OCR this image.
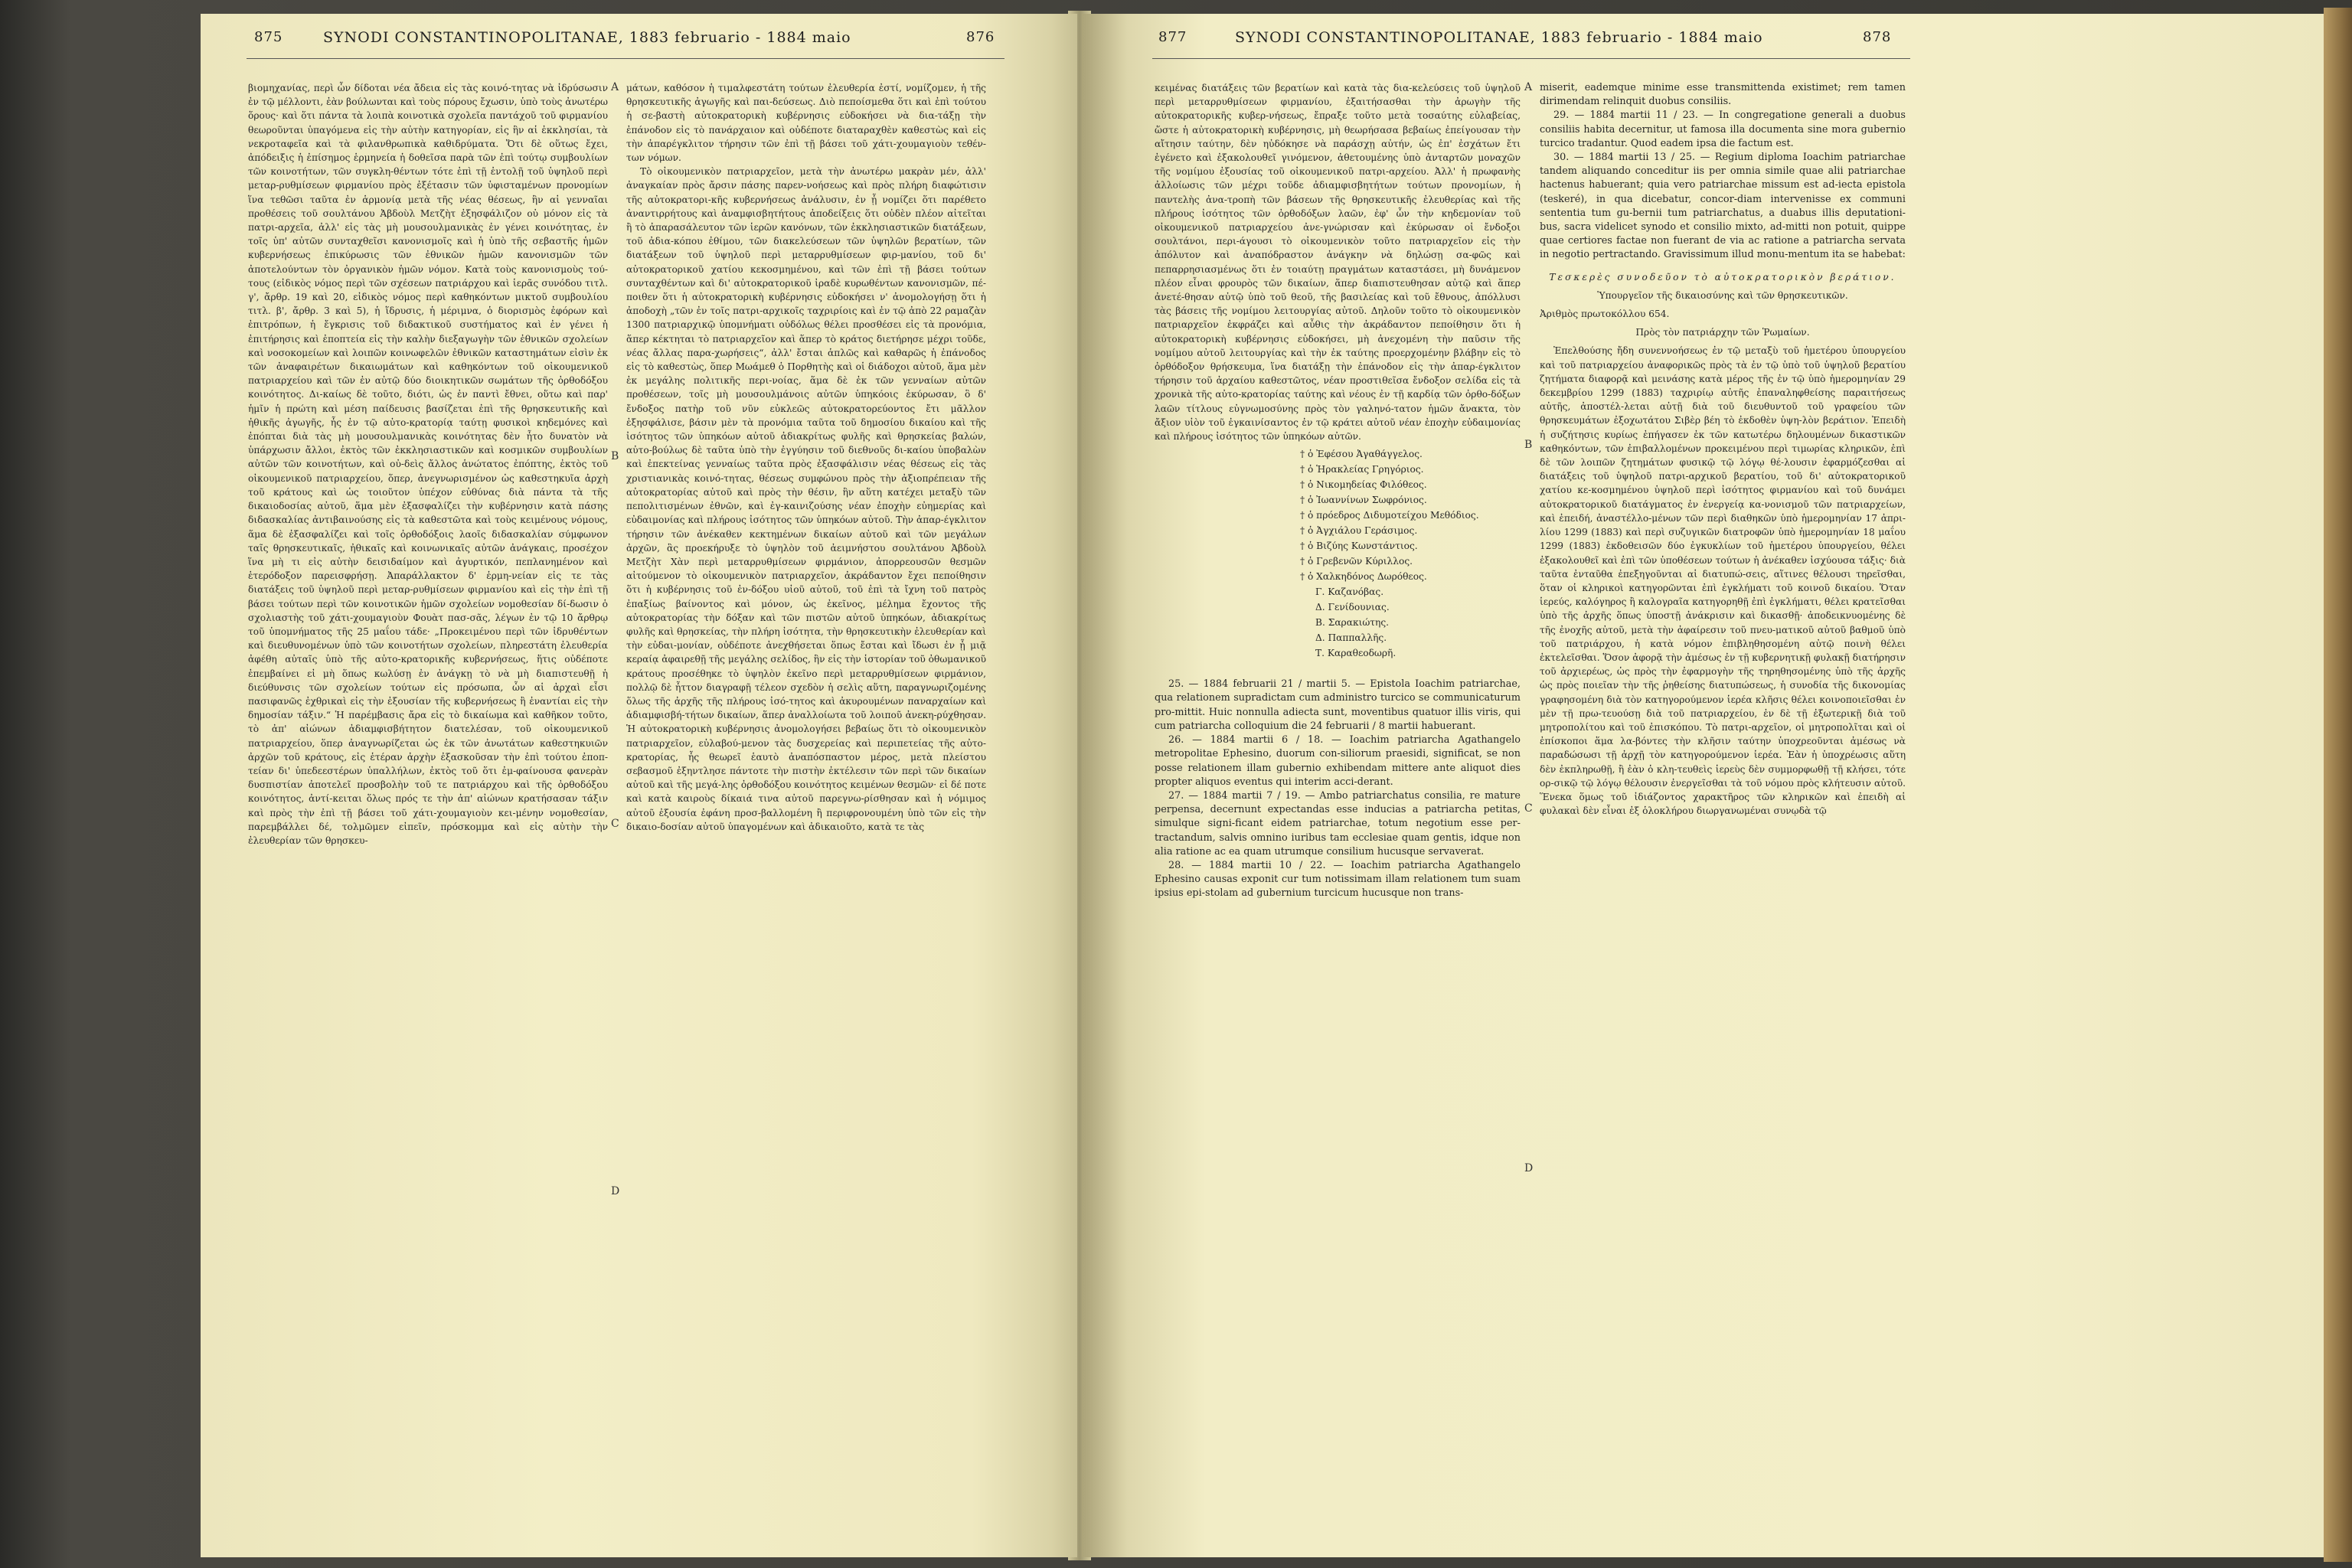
875	SYNODI CONSTANTINOPOLITANAE, 1883 februario - 1884 maio	876

βιομηχανίας, περὶ ὧν δίδοται νέα ἄδεια εἰς τὰς κοινό-τητας νὰ ἱδρύσωσιν ἐν τῷ μέλλοντι, ἐὰν βούλωνται καὶ τοὺς πόρους ἔχωσιν, ὑπὸ τοὺς ἀνωτέρω ὅρους· καὶ ὅτι πάντα τὰ λοιπὰ κοινοτικὰ σχολεῖα παντάχοῦ τοῦ φιρμανίου θεωροῦνται ὑπαγόμενα εἰς τὴν αὐτὴν κατηγορίαν, εἰς ἣν αἱ ἐκκλησίαι, τὰ νεκροταφεῖα καὶ τὰ φιλανθρωπικὰ καθιδρύματα. Ὅτι δὲ οὕτως ἔχει, ἀπόδειξις ἡ ἐπίσημος ἑρμηνεία ἡ δοθεῖσα παρὰ τῶν ἐπὶ τούτῳ συμβουλίων τῶν κοινοτήτων, τῶν συγκλη-θέντων τότε ἐπὶ τῇ ἐντολῇ τοῦ ὑψηλοῦ περὶ μεταρ-ρυθμίσεων φιρμανίου πρὸς ἐξέτασιν τῶν ὑφισταμένων προνομίων ἵνα τεθῶσι ταῦτα ἐν ἁρμονίᾳ μετὰ τῆς νέας θέσεως, ἣν αἱ γενναῖαι προθέσεις τοῦ σουλτάνου Ἀβδοὺλ Μετζὴτ ἐξησφάλιζον οὐ μόνον εἰς τὰ πατρι-αρχεῖα, ἀλλ' εἰς τὰς μὴ μουσουλμανικὰς ἐν γένει κοινότητας, ἐν τοῖς ὑπ' αὐτῶν συνταχθεῖσι κανονισμοῖς καὶ ἡ ὑπὸ τῆς σεβαστῆς ἡμῶν κυβερνήσεως ἐπικύρωσις τῶν ἐθνικῶν ἡμῶν κανονισμῶν τῶν ἀποτελούντων τὸν ὀργανικὸν ἡμῶν νόμον. Κατὰ τοὺς κανονισμοὺς τού-τους (εἰδικὸς νόμος περὶ τῶν σχέσεων πατριάρχου καὶ ἱερᾶς συνόδου τιτλ. γ', ἄρθρ. 19 καὶ 20, εἰδικὸς νόμος περὶ καθηκόντων μικτοῦ συμβουλίου τιτλ. β', ἄρθρ. 3 καὶ 5), ἡ ἵδρυσις, ἡ μέριμνα, ὁ διορισμὸς ἐφόρων καὶ ἐπιτρόπων, ἡ ἔγκρισις τοῦ διδακτικοῦ συστήματος καὶ ἐν γένει ἡ ἐπιτήρησις καὶ ἐποπτεία εἰς τὴν καλὴν διεξαγωγὴν τῶν ἐθνικῶν σχολείων καὶ νοσοκομείων καὶ λοιπῶν κοινωφελῶν ἐθνικῶν καταστημάτων εἰσὶν ἐκ τῶν ἀναφαιρέτων δικαιωμάτων καὶ καθηκόντων τοῦ οἰκουμενικοῦ πατριαρχείου καὶ τῶν ἐν αὐτῷ δύο διοικητικῶν σωμάτων τῆς ὀρθοδόξου κοινότητος. Δι-καίως δὲ τοῦτο, διότι, ὡς ἐν παντὶ ἔθνει, οὕτω καὶ παρ' ἡμῖν ἡ πρώτη καὶ μέση παίδευσις βασίζεται ἐπὶ τῆς θρησκευτικῆς καὶ ἠθικῆς ἀγωγῆς, ἧς ἐν τῷ αὐτο-κρατορίᾳ ταύτῃ φυσικοὶ κηδεμόνες καὶ ἐπόπται διὰ τὰς μὴ μουσουλμανικὰς κοινότητας δὲν ἦτο δυνατὸν νὰ ὑπάρχωσιν ἄλλοι, ἐκτὸς τῶν ἐκκλησιαστικῶν καὶ κοσμικῶν συμβουλίων αὐτῶν τῶν κοινοτήτων, καὶ οὐ-δεὶς ἄλλος ἁνώτατος ἐπόπτης, ἐκτὸς τοῦ οἰκουμενικοῦ πατριαρχείου, ὅπερ, ἀνεγνωρισμένον ὡς καθεστηκυῖα ἀρχὴ τοῦ κράτους καὶ ὡς τοιοῦτον ὑπέχον εὐθύνας διὰ πάντα τὰ τῆς δικαιοδοσίας αὐτοῦ, ἅμα μὲν ἐξασφαλίζει τὴν κυβέρνησιν κατὰ πάσης διδασκαλίας ἀντιβαινούσης εἰς τὰ καθεστῶτα καὶ τοὺς κειμένους νόμους, ἅμα δὲ ἐξασφαλίζει καὶ τοῖς ὀρθοδόξοις λαοῖς διδασκαλίαν σύμφωνον ταῖς θρησκευτικαῖς, ἠθικαῖς καὶ κοινωνικαῖς αὐτῶν ἀνάγκαις, προσέχον ἵνα μὴ τι εἰς αὐτὴν δεισιδαίμον καὶ ἀγυρτικόν, πεπλανημένον καὶ ἑτερόδοξον παρεισφρήσῃ. Ἀπαράλλακτον δ' ἑρμη-νείαν εἰς τε τὰς διατάξεις τοῦ ὑψηλοῦ περὶ μεταρ-ρυθμίσεων φιρμανίου καὶ εἰς τὴν ἐπὶ τῇ βάσει τούτων περὶ τῶν κοινοτικῶν ἡμῶν σχολείων νομοθεσίαν δί-δωσιν ὁ σχολιαστὴς τοῦ χάτι-χουμαγιοὺν Φουὰτ πασ-σᾶς, λέγων ἐν τῷ 10 ἄρθρῳ τοῦ ὑπομνήματος τῆς 25 μαΐου τάδε· „Προκειμένου περὶ τῶν ἱδρυθέντων καὶ διευθυνομένων ὑπὸ τῶν κοινοτήτων σχολείων, πληρεστάτη ἐλευθερία ἀφέθη αὐταῖς ὑπὸ τῆς αὐτο-κρατορικῆς κυβερνήσεως, ἥτις οὐδέποτε ἐπεμβαίνει εἰ μὴ ὅπως κωλύσῃ ἐν ἀνάγκῃ τὸ νὰ μὴ διαπιστευθῇ ἡ διεύθυνσις τῶν σχολείων τούτων εἰς πρόσωπα, ὧν αἱ ἀρχαὶ εἶσι πασιφανῶς ἐχθρικαὶ εἰς τὴν ἐξουσίαν τῆς κυβερνήσεως ἢ ἐναντίαι εἰς τὴν δημοσίαν τάξιν.“ Ἡ παρέμβασις ἄρα εἰς τὸ δικαίωμα καὶ καθῆκον τοῦτο, τὸ ἀπ' αἰώνων ἀδιαμφισβήτητον διατελέσαν, τοῦ οἰκουμενικοῦ πατριαρχείου, ὅπερ ἀναγνωρίζεται ὡς ἐκ τῶν ἀνωτάτων καθεστηκυιῶν ἀρχῶν τοῦ κράτους, εἰς ἑτέραν ἀρχὴν ἐξασκοῦσαν τὴν ἐπὶ τούτου ἐποπ-τείαν δι' ὑπεδεεστέρων ὑπαλλήλων, ἐκτὸς τοῦ ὅτι ἐμ-φαίνουσα φανερὰν δυσπιστίαν ἀποτελεῖ προσβολὴν τοῦ τε πατριάρχου καὶ τῆς ὀρθοδόξου κοινότητος, ἀντί-κειται ὅλως πρός τε τὴν ἀπ' αἰώνων κρατήσασαν τάξιν καὶ πρὸς τὴν ἐπὶ τῇ βάσει τοῦ χάτι-χουμαγιοὺν κει-μένην νομοθεσίαν, παρεμβάλλει δέ, τολμῶμεν εἰπεῖν, πρόσκομμα καὶ εἰς αὐτὴν τὴν ἐλευθερίαν τῶν θρησκευ-

A
B
C
D

μάτων, καθόσον ἡ τιμαλφεστάτη τούτων ἐλευθερία ἐστί, νομίζομεν, ἡ τῆς θρησκευτικῆς ἀγωγῆς καὶ παι-δεύσεως. Διὸ πεποίσμεθα ὅτι καὶ ἐπὶ τούτου ἡ σε-βαστὴ αὐτοκρατορικὴ κυβέρνησις εὐδοκήσει νὰ δια-τάξῃ τὴν ἐπάνοδον εἰς τὸ πανάρχαιον καὶ οὐδέποτε διαταραχθὲν καθεστὼς καὶ εἰς τὴν ἀπαρέγκλιτον τήρησιν τῶν ἐπὶ τῇ βάσει τοῦ χάτι-χουμαγιοὺν τεθέν-των νόμων.

Τὸ οἰκουμενικὸν πατριαρχεῖον, μετὰ τὴν ἀνωτέρω μακρὰν μέν, ἀλλ' ἀναγκαίαν πρὸς ἄρσιν πάσης παρεν-νοήσεως καὶ πρὸς πλήρη διαφώτισιν τῆς αὐτοκρατορι-κῆς κυβερνήσεως ἀνάλυσιν, ἐν ᾗ νομίζει ὅτι παρέθετο ἀναντιρρήτους καὶ ἀναμφισβητήτους ἀποδείξεις ὅτι οὐδὲν πλέον αἰτεῖται ἢ τὸ ἀπαρασάλευτον τῶν ἱερῶν κανόνων, τῶν ἐκκλησιαστικῶν διατάξεων, τοῦ ἀδια-κόπου ἐθίμου, τῶν διακελεύσεων τῶν ὑψηλῶν βερατίων, τῶν διατάξεων τοῦ ὑψηλοῦ περὶ μεταρρυθμίσεων φιρ-μανίου, τοῦ δι' αὐτοκρατορικοῦ χατίου κεκοσμημένου, καὶ τῶν ἐπὶ τῇ βάσει τούτων συνταχθέντων καὶ δι' αὐτοκρατορικοῦ ἰραδὲ κυρωθέντων κανονισμῶν, πέ-ποιθεν ὅτι ἡ αὐτοκρατορικὴ κυβέρνησις εὐδοκήσει ν' ἀνομολογήσῃ ὅτι ἡ ἀποδοχὴ „τῶν ἐν τοῖς πατρι-αρχικοῖς ταχριρίοις καὶ ἐν τῷ ἀπὸ 22 ραμαζὰν 1300 πατριαρχικῷ ὑπομνήματι οὐδόλως θέλει προσθέσει εἰς τὰ προνόμια, ἅπερ κέκτηται τὸ πατριαρχεῖον καὶ ἅπερ τὸ κράτος διετήρησε μέχρι τοῦδε, νέας ἄλλας παρα-χωρήσεις“, ἀλλ' ἔσται ἁπλῶς καὶ καθαρῶς ἡ ἐπάνοδος εἰς τὸ καθεστὼς, ὅπερ Μωάμεθ ὁ Πορθητὴς καὶ οἱ διάδοχοι αὐτοῦ, ἅμα μὲν ἐκ μεγάλης πολιτικῆς περι-νοίας, ἅμα δὲ ἐκ τῶν γενναίων αὐτῶν προθέσεων, τοῖς μὴ μουσουλμάνοις αὐτῶν ὑπηκόοις ἐκύρωσαν, ὃ δ' ἔνδοξος πατὴρ τοῦ νῦν εὐκλεῶς αὐτοκρατορεύοντος ἔτι μᾶλλον ἐξησφάλισε, βάσιν μὲν τὰ προνόμια ταῦτα τοῦ δημοσίου δικαίου καὶ τῆς ἰσότητος τῶν ὑπηκόων αὐτοῦ ἀδιακρίτως φυλῆς καὶ θρησκείας βαλών, αὐτο-βούλως δὲ ταῦτα ὑπὸ τὴν ἐγγύησιν τοῦ διεθνοῦς δι-καίου ὑποβαλὼν καὶ ἐπεκτείνας γενναίως ταῦτα πρὸς ἐξασφάλισιν νέας θέσεως εἰς τὰς χριστιανικὰς κοινό-τητας, θέσεως συμφώνου πρὸς τὴν ἀξιοπρέπειαν τῆς αὐτοκρατορίας αὐτοῦ καὶ πρὸς τὴν θέσιν, ἣν αὕτη κατέχει μεταξὺ τῶν πεπολιτισμένων ἐθνῶν, καὶ ἐγ-καινιζούσης νέαν ἐποχὴν εὐημερίας καὶ εὐδαιμονίας καὶ πλήρους ἰσότητος τῶν ὑπηκόων αὐτοῦ. Τὴν ἀπαρ-έγκλιτον τήρησιν τῶν ἀνέκαθεν κεκτημένων δικαίων αὐτοῦ καὶ τῶν μεγάλων ἀρχῶν, ἃς προεκήρυξε τὸ ὑψηλὸν τοῦ ἀειμνήστου σουλτάνου Ἀβδοὺλ Μετζὴτ Χὰν περὶ μεταρρυθμίσεων φιρμάνιον, ἀπορρεουσῶν θεσμῶν αἰτούμενον τὸ οἰκουμενικὸν πατριαρχεῖον, ἀκράδαντον ἔχει πεποίθησιν ὅτι ἡ κυβέρνησις τοῦ ἐν-δόξου υἱοῦ αὐτοῦ, τοῦ ἐπὶ τὰ ἴχνη τοῦ πατρὸς ἐπαξίως βαίνοντος καὶ μόνον, ὡς ἐκεῖνος, μέλημα ἔχοντος τῆς αὐτοκρατορίας τὴν δόξαν καὶ τῶν πιστῶν αὐτοῦ ὑπηκόων, ἀδιακρίτως φυλῆς καὶ θρησκείας, τὴν πλήρη ἰσότητα, τὴν θρησκευτικὴν ἐλευθερίαν καὶ τὴν εὐδαι-μονίαν, οὐδέποτε ἀνεχθήσεται ὅπως ἔσται καὶ ἴδωσι ἐν ᾗ μιᾷ κεραίᾳ ἀφαιρεθῇ τῆς μεγάλης σελίδος, ἣν εἰς τὴν ἱστορίαν τοῦ ὀθωμανικοῦ κράτους προσέθηκε τὸ ὑψηλὸν ἐκεῖνο περὶ μεταρρυθμίσεων φιρμάνιον, πολλῷ δὲ ἧττον διαγραφῇ τέλεον σχεδὸν ἡ σελὶς αὕτη, παραγνωριζομένης ὅλως τῆς ἀρχῆς τῆς πλήρους ἰσό-τητος καὶ ἀκυρουμένων παναρχαίων καὶ ἀδιαμφισβή-τήτων δικαίων, ἅπερ ἀναλλοίωτα τοῦ λοιποῦ ἀνεκη-ρύχθησαν. Ἡ αὐτοκρατορικὴ κυβέρνησις ἀνομολογήσει βεβαίως ὅτι τὸ οἰκουμενικὸν πατριαρχεῖον, εὐλαβού-μενον τὰς δυσχερείας καὶ περιπετείας τῆς αὐτο-κρατορίας, ἧς θεωρεῖ ἑαυτὸ ἀναπόσπαστον μέρος, μετὰ πλείστου σεβασμοῦ ἐξηντλησε πάντοτε τὴν πιστὴν ἐκτέλεσιν τῶν περὶ τῶν δικαίων αὐτοῦ καὶ τῆς μεγά-λης ὀρθοδόξου κοινότητος κειμένων θεσμῶν· εἰ δέ ποτε καὶ κατὰ καιροὺς δίκαιά τινα αὐτοῦ παρεγνω-ρίσθησαν καὶ ἡ νόμιμος αὐτοῦ ἐξουσία ἐφάνη προσ-βαλλομένη ἢ περιφρονουμένη ὑπὸ τῶν εἰς τὴν δικαιο-δοσίαν αὐτοῦ ὑπαγομένων καὶ ἀδικαιοῦτο, κατὰ τε τὰς

877	SYNODI CONSTANTINOPOLITANAE, 1883 februario - 1884 maio	878

κειμένας διατάξεις τῶν βερατίων καὶ κατὰ τὰς δια-κελεύσεις τοῦ ὑψηλοῦ περὶ μεταρρυθμίσεων φιρμανίου, ἐξαιτήσασθαι τὴν ἀρωγὴν τῆς αὐτοκρατορικῆς κυβερ-νήσεως, ἔπραξε τοῦτο μετὰ τοσαύτης εὐλαβείας, ὥστε ἡ αὐτοκρατορικὴ κυβέρνησις, μὴ θεωρήσασα βεβαίως ἐπείγουσαν τὴν αἴτησιν ταύτην, δὲν ηὐδόκησε νὰ παράσχῃ αὐτήν, ὡς ἐπ' ἐσχάτων ἔτι ἐγένετο καὶ ἐξακολουθεῖ γινόμενον, ἀθετουμένης ὑπὸ ἀνταρτῶν μοναχῶν τῆς νομίμου ἐξουσίας τοῦ οἰκουμενικοῦ πατρι-αρχείου. Ἀλλ' ἡ πρωφανὴς ἀλλοίωσις τῶν μέχρι τοῦδε ἀδιαμφισβητήτων τούτων προνομίων, ἡ παντελὴς ἀνα-τροπὴ τῶν βάσεων τῆς θρησκευτικῆς ἐλευθερίας καὶ τῆς πλήρους ἰσότητος τῶν ὀρθοδόξων λαῶν, ἐφ' ὧν τὴν κηδεμονίαν τοῦ οἰκουμενικοῦ πατριαρχείου ἀνε-γνώρισαν καὶ ἐκύρωσαν οἱ ἔνδοξοι σουλτάνοι, περι-άγουσι τὸ οἰκουμενικὸν τοῦτο πατριαρχεῖον εἰς τὴν ἀπόλυτον καὶ ἀναπόδραστον ἀνάγκην νὰ δηλώσῃ σα-φῶς καὶ πεπαρρησιασμένως ὅτι ἐν τοιαύτῃ πραγμάτων καταστάσει, μὴ δυνάμενον πλέον εἶναι φρουρὸς τῶν δικαίων, ἅπερ διαπιστευθησαν αὐτῷ καὶ ἅπερ ἀνετέ-θησαν αὐτῷ ὑπὸ τοῦ θεοῦ, τῆς βασιλείας καὶ τοῦ ἔθνους, ἀπόλλυσι τὰς βάσεις τῆς νομίμου λειτουργίας αὐτοῦ. Δηλοῦν τοῦτο τὸ οἰκουμενικὸν πατριαρχεῖον ἐκφράζει καὶ αὖθις τὴν ἀκράδαντον πεποίθησιν ὅτι ἡ αὐτοκρατορικὴ κυβέρνησις εὐδοκήσει, μὴ ἀνεχομένη τὴν παῦσιν τῆς νομίμου αὐτοῦ λειτουργίας καὶ τὴν ἐκ ταύτης προερχομένην βλάβην εἰς τὸ ὀρθόδοξον θρήσκευμα, ἵνα διατάξῃ τὴν ἐπάνοδον εἰς τὴν ἀπαρ-έγκλιτον τήρησιν τοῦ ἀρχαίου καθεστῶτος, νέαν προστιθεῖσα ἔνδοξον σελίδα εἰς τὰ χρονικὰ τῆς αὐτο-κρατορίας ταύτης καὶ νέους ἐν τῇ καρδίᾳ τῶν ὀρθο-δόξων λαῶν τίτλους εὐγνωμοσύνης πρὸς τὸν γαληνό-τατον ἡμῶν ἄνακτα, τὸν ἄξιον υἱὸν τοῦ ἐγκαινίσαντος ἐν τῷ κράτει αὐτοῦ νέαν ἐποχὴν εὐδαιμονίας καὶ πλήρους ἰσότητος τῶν ὑπηκόων αὐτῶν.

† ὁ Ἐφέσου Ἀγαθάγγελος.

† ὁ Ἡρακλείας Γρηγόριος.

† ὁ Νικομηδείας Φιλόθεος.

† ὁ Ἰωαννίνων Σωφρόνιος.

† ὁ πρόεδρος Διδυμοτείχου Μεθόδιος.

† ὁ Ἀγχιάλου Γεράσιμος.

† ὁ Βιζύης Κωνστάντιος.

† ὁ Γρεβενῶν Κύριλλος.

† ὁ Χαλκηδόνος Δωρόθεος.

Γ. Καζανόβας.

Δ. Γενίδουνιας.

Β. Σαρακιώτης.

Δ. Παππαλλῆς.

Τ. Καραθεοδωρῆ.

25. — 1884 februarii 21 / martii 5. — Epistola Ioachim patriarchae, qua relationem supradictam cum administro turcico se communicaturum pro-mittit. Huic nonnulla adiecta sunt, moventibus quatuor illis viris, qui cum patriarcha colloquium die 24 februarii / 8 martii habuerant.

26. — 1884 martii 6 / 18. — Ioachim patriarcha Agathangelo metropolitae Ephesino, duorum con-siliorum praesidi, significat, se non posse relationem illam gubernio exhibendam mittere ante aliquot dies propter aliquos eventus qui interim acci-derant.

27. — 1884 martii 7 / 19. — Ambo patriarchatus consilia, re mature perpensa, decernunt expectandas esse inducias a patriarcha petitas, simulque signi-ficant eidem patriarchae, totum negotium esse per-tractandum, salvis omnino iuribus tam ecclesiae quam gentis, idque non alia ratione ac ea quam utrumque consilium hucusque servaverat.

28. — 1884 martii 10 / 22. — Ioachim patriarcha Agathangelo Ephesino causas exponit cur tum notissimam illam relationem tum suam ipsius epi-stolam ad gubernium turcicum hucusque non trans-

A
B
C
D

miserit, eademque minime esse transmittenda existimet; rem tamen dirimendam relinquit duobus consiliis.

29. — 1884 martii 11 / 23. — In congregatione generali a duobus consiliis habita decernitur, ut famosa illa documenta sine mora gubernio turcico tradantur. Quod eadem ipsa die factum est.

30. — 1884 martii 13 / 25. — Regium diploma Ioachim patriarchae tandem aliquando conceditur iis per omnia simile quae alii patriarchae hactenus habuerant; quia vero patriarchae missum est ad-iecta epistola (teskeré), in qua dicebatur, concor-diam intervenisse ex communi sententia tum gu-bernii tum patriarchatus, a duabus illis deputationi-bus, sacra videlicet synodo et consilio mixto, ad-mitti non potuit, quippe quae certiores factae non fuerant de via ac ratione a patriarcha servata in negotio pertractando. Gravissimum illud monu-mentum ita se habebat:

Τεσκερὲς συνοδεῦον τὸ αὐτοκρατορικὸν βεράτιον.

Ὑπουργεῖον τῆς δικαιοσύνης καὶ τῶν θρησκευτικῶν.

Ἀριθμὸς πρωτοκόλλου 654.

Πρὸς τὸν πατριάρχην τῶν Ῥωμαίων.

Ἐπελθούσης ἤδη συνεννοήσεως ἐν τῷ μεταξὺ τοῦ ἡμετέρου ὑπουργείου καὶ τοῦ πατριαρχείου ἀναφορικῶς πρὸς τὰ ἐν τῷ ὑπὸ τοῦ ὑψηλοῦ βερατίου ζητήματα διαφορᾷ καὶ μεινάσης κατὰ μέρος τῆς ἐν τῷ ὑπὸ ἡμερομηνίαν 29 δεκεμβρίου 1299 (1883) ταχριρίῳ αὐτῆς ἐπαναληφθείσης παραιτήσεως αὐτῆς, ἀποστέλ-λεται αὐτῇ διὰ τοῦ διευθυντοῦ τοῦ γραφείου τῶν θρησκευμάτων ἐξοχωτάτου Σιβὲρ βέη τὸ ἐκδοθὲν ὑψη-λὸν βεράτιον. Ἐπειδὴ ἡ συζήτησις κυρίως ἐπήγασεν ἐκ τῶν κατωτέρω δηλουμένων δικαστικῶν καθηκόντων, τῶν ἐπιβαλλομένων προκειμένου περὶ τιμωρίας κληρικῶν, ἐπὶ δὲ τῶν λοιπῶν ζητημάτων φυσικῷ τῷ λόγῳ θέ-λουσιν ἐφαρμόζεσθαι αἱ διατάξεις τοῦ ὑψηλοῦ πατρι-αρχικοῦ βερατίου, τοῦ δι' αὐτοκρατορικοῦ χατίου κε-κοσμημένου ὑψηλοῦ περὶ ἰσότητος φιρμανίου καὶ τοῦ δυνάμει αὐτοκρατορικοῦ διατάγματος ἐν ἐνεργείᾳ κα-νονισμοῦ τῶν πατριαρχείων, καὶ ἐπειδή, ἀναστέλλο-μένων τῶν περὶ διαθηκῶν ὑπὸ ἡμερομηνίαν 17 ἀπρι-λίου 1299 (1883) καὶ περὶ συζυγικῶν διατροφῶν ὑπὸ ἡμερομηνίαν 18 μαΐου 1299 (1883) ἐκδοθεισῶν δύο ἐγκυκλίων τοῦ ἡμετέρου ὑπουργείου, θέλει ἐξακολουθεῖ καὶ ἐπὶ τῶν ὑποθέσεων τούτων ἡ ἀνέκαθεν ἰσχύουσα τάξις· διὰ ταῦτα ἐνταῦθα ἐπεξηγοῦνται αἱ διατυπώ-σεις, αἵτινες θέλουσι τηρεῖσθαι, ὅταν οἱ κληρικοὶ κατηγορῶνται ἐπὶ ἐγκλήματι τοῦ κοινοῦ δικαίου. Ὅταν ἱερεύς, καλόγηρος ἢ καλογραῖα κατηγορηθῇ ἐπὶ ἐγκλήματι, θέλει κρατεῖσθαι ὑπὸ τῆς ἀρχῆς ὅπως ὑποστῇ ἀνάκρισιν καὶ δικασθῇ· ἀποδεικνυομένης δὲ τῆς ἐνοχῆς αὐτοῦ, μετὰ τὴν ἀφαίρεσιν τοῦ πνευ-ματικοῦ αὐτοῦ βαθμοῦ ὑπὸ τοῦ πατριάρχου, ἡ κατὰ νόμον ἐπιβληθησομένη αὐτῷ ποινὴ θέλει ἐκτελεῖσθαι. Ὅσον ἀφορᾷ τὴν ἀμέσως ἐν τῇ κυβερνητικῇ φυλακῇ διατήρησιν τοῦ ἀρχιερέως, ὡς πρὸς τὴν ἐφαρμογὴν τῆς τηρηθησομένης ὑπὸ τῆς ἀρχῆς ὡς πρὸς ποιεῖαν τὴν τῆς ῥηθείσης διατυπώσεως, ἡ συνοδία τῆς δικονομίας γραφησομένη διὰ τὸν κατηγορούμενον ἱερέα κλῆσις θέλει κοινοποιεῖσθαι ἐν μὲν τῇ πρω-τευούσῃ διὰ τοῦ πατριαρχείου, ἐν δὲ τῇ ἐξωτερικῇ διὰ τοῦ μητροπολίτου καὶ τοῦ ἐπισκόπου. Τὸ πατρι-αρχεῖον, οἱ μητροπολῖται καὶ οἱ ἐπίσκοποι ἅμα λα-βόντες τὴν κλῆσιν ταύτην ὑποχρεοῦνται ἀμέσως νὰ παραδώσωσι τῇ ἀρχῇ τὸν κατηγορούμενον ἱερέα. Ἐὰν ἡ ὑποχρέωσις αὕτη δὲν ἐκπληρωθῇ, ἢ ἐὰν ὁ κλη-τευθεὶς ἱερεὺς δὲν συμμορφωθῇ τῇ κλήσει, τότε ορ-σικῷ τῷ λόγῳ θέλουσιν ἐνεργεῖσθαι τὰ τοῦ νόμου πρὸς κλήτευσιν αὐτοῦ. Ἕνεκα ὅμως τοῦ ἰδιάζοντος χαρακτῆρος τῶν κληρικῶν καὶ ἐπειδὴ αἱ φυλακαὶ δὲν εἶναι ἐξ ὁλοκλήρου διωργανωμέναι συνῳδὰ τῷ
